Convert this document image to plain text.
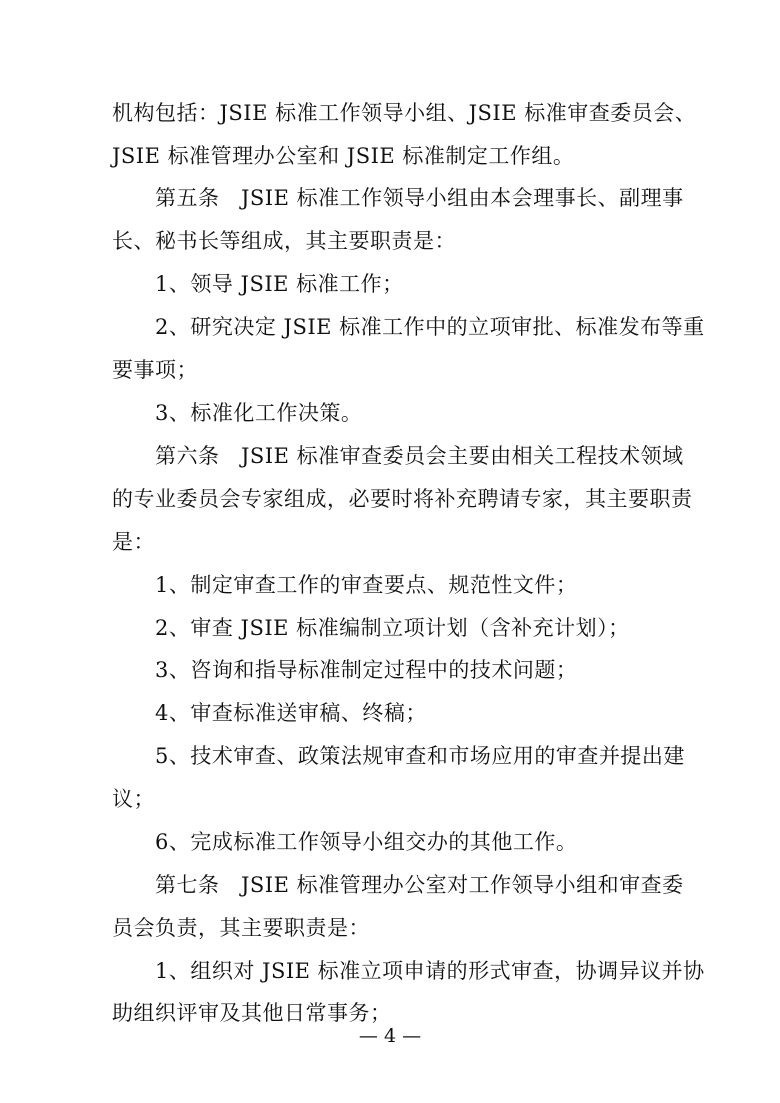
机构包括：JSIE 标准工作领导小组、JSIE 标准审查委员会、
JSIE 标准管理办公室和 JSIE 标准制定工作组。
第五条　JSIE 标准工作领导小组由本会理事长、副理事
长、秘书长等组成，其主要职责是：
1、领导 JSIE 标准工作；
2、研究决定 JSIE 标准工作中的立项审批、标准发布等重
要事项；
3、标准化工作决策。
第六条　JSIE 标准审查委员会主要由相关工程技术领域
的专业委员会专家组成，必要时将补充聘请专家，其主要职责
是：
1、制定审查工作的审查要点、规范性文件；
2、审查 JSIE 标准编制立项计划（含补充计划）；
3、咨询和指导标准制定过程中的技术问题；
4、审查标准送审稿、终稿；
5、技术审查、政策法规审查和市场应用的审查并提出建
议；
6、完成标准工作领导小组交办的其他工作。
第七条　JSIE 标准管理办公室对工作领导小组和审查委
员会负责，其主要职责是：
1、组织对 JSIE 标准立项申请的形式审查，协调异议并协
助组织评审及其他日常事务；
— 4 —
